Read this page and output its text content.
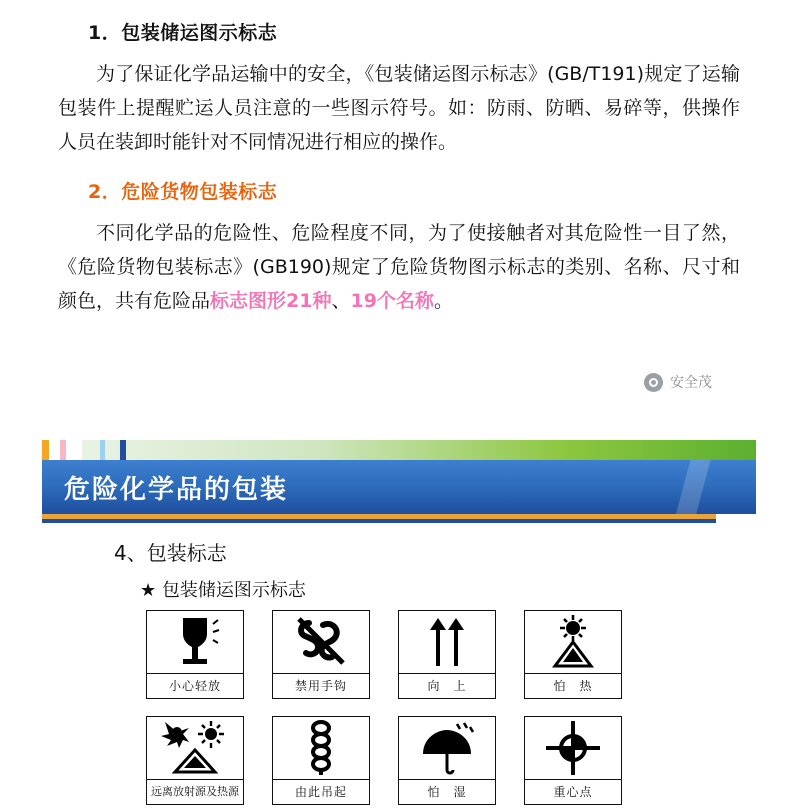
1．包装储运图示标志

为了保证化学品运输中的安全，《包装储运图示标志》(GB/T191)规定了运输包装件上提醒贮运人员注意的一些图示符号。如：防雨、防晒、易碎等，供操作人员在装卸时能针对不同情况进行相应的操作。

2．危险货物包装标志

不同化学品的危险性、危险程度不同，为了使接触者对其危险性一目了然，《危险货物包装标志》(GB190)规定了危险货物图示标志的类别、名称、尺寸和颜色，共有危险品标志图形21种、19个名称。

安全茂
危险化学品的包装
4、包装标志
★ 包装储运图示标志
小心轻放	禁用手钩	向　上	怕　热
远离放射源及热源	由此吊起	怕　湿	重心点
